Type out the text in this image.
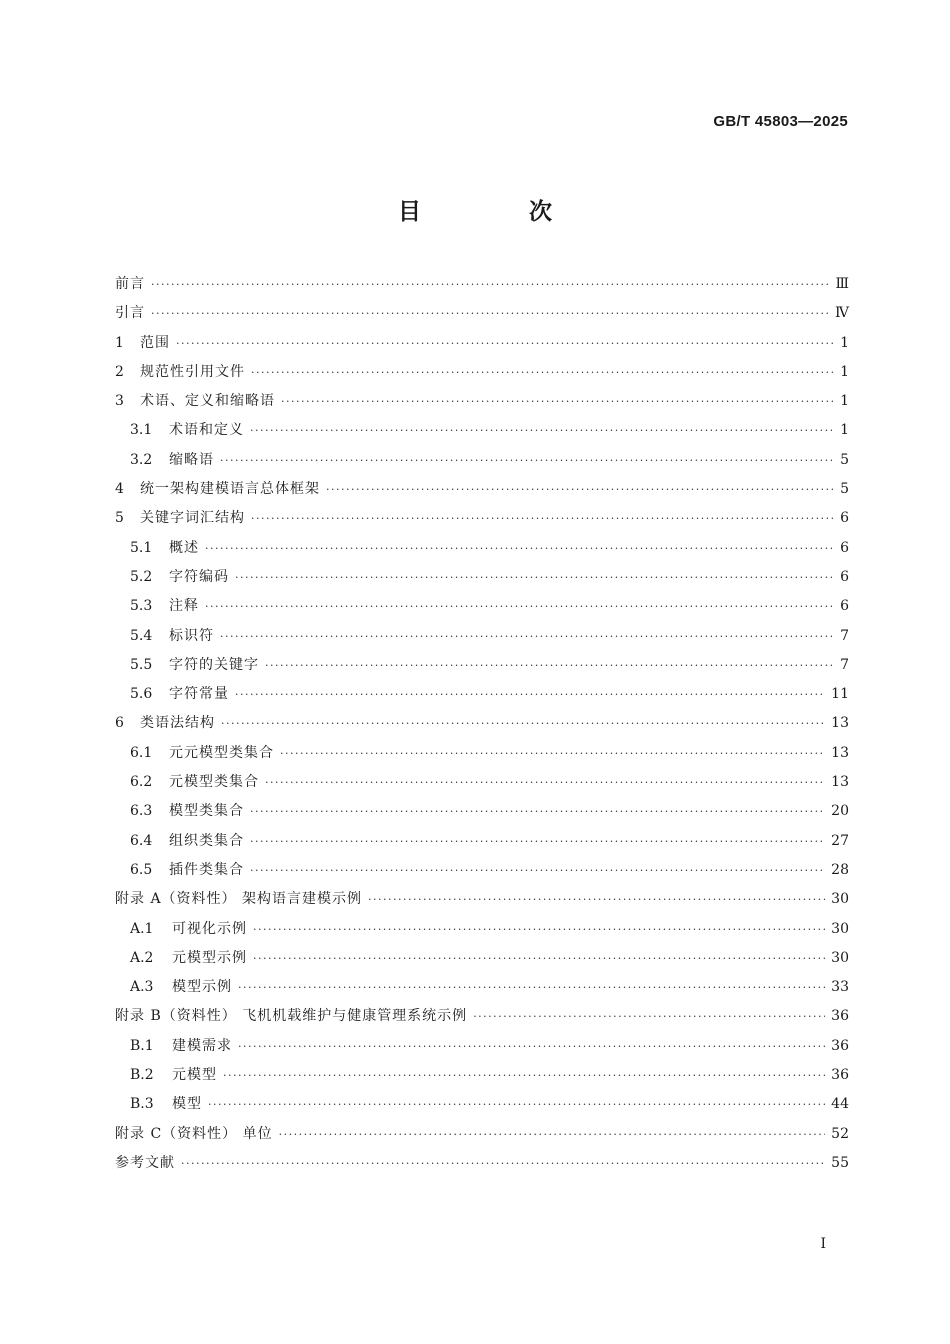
GB/T 45803—2025
目 次
前言 ·····	Ⅲ
引言 ·····	Ⅳ
1 范围 ·····	1
2 规范性引用文件 ·····	1
3 术语、定义和缩略语 ·····	1
3.1	术语和定义 ·····	1
3.2	缩略语 ·····	5
4 统一架构建模语言总体框架 ·····	5
5 关键字词汇结构 ·····	6
5.1	概述 ·····	6
5.2	字符编码 ·····	6
5.3	注释 ·····	6
5.4	标识符 ·····	7
5.5	字符的关键字 ·····	7
5.6	字符常量 ·····	11
6 类语法结构 ·····	13
6.1	元元模型类集合 ·····	13
6.2	元模型类集合 ·····	13
6.3	模型类集合 ·····	20
6.4	组织类集合 ·····	27
6.5	插件类集合 ·····	28
附录 A（资料性） 架构语言建模示例 ·····	30
A.1	可视化示例 ·····	30
A.2	元模型示例 ·····	30
A.3	模型示例 ·····	33
附录 B（资料性） 飞机机载维护与健康管理系统示例 ·····	36
B.1	建模需求 ·····	36
B.2	元模型 ·····	36
B.3	模型 ·····	44
附录 C（资料性） 单位 ·····	52
参考文献 ·····	55
Ⅰ
